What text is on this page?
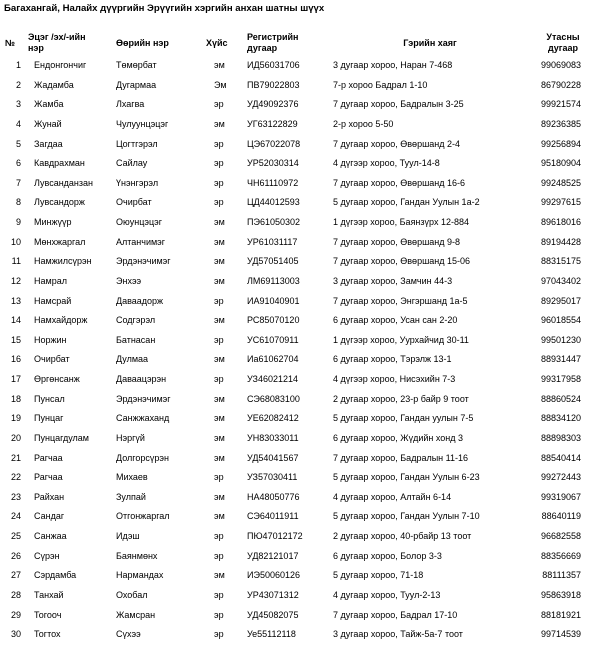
Багахангай, Налайх дүүргийн Эрүүгийн хэргийн анхан шатны шүүх
№
Эцэг /эх/-ийн
нэр	Өөрийн нэр	Хүйс
Регистрийн
дугаар	Гэрийн хаяг
Утасны
дугаар
1 Ендонгончиг	Төмөрбат	эм ИД56031706	3 дугаар хороо, Наран 7-468	99069083
2 Жадамба	Дугармаа	Эм ПВ79022803	7-р хороо Бадрал 1-10	86790228
3 Жамба	Лхагва	эр	УД49092376	7 дугаар хороо, Бадралын 3-25	99921574
4 Жунай	Чулуунцэцэг	эм УГ63122829	2-р хороо 5-50	89236385
5 Загдаа	Цогтгэрэл	эр	ЦЭ67022078	7 дугаар хороо, Өвөршанд 2-4	99256894
6 Кавдрахман	Сайлау	эр	УР52030314	4 дүгээр хороо, Туул-14-8	95180904
7 Лувсанданзан	Үнэнгэрэл	эр	ЧН61110972	7 дугаар хороо, Өвөршанд 16-6	99248525
8 Лувсандорж	Очирбат	эр	ЦД44012593	5 дугаар хороо, Гандан Уулын 1а-2	99297615
9 Минжүүр	Оюунцэцэг	эм ПЭ61050302	1 дүгээр хороо, Баянзүрх 12-884	89618016
10 Мөнхжаргал	Алтанчимэг	эм УР61031117	7 дугаар хороо, Өвөршанд 9-8	89194428
11 Намжилсүрэн	Эрдэнэчимэг	эм УД57051405	7 дугаар хороо, Өвөршанд 15-06	88315175
12 Намрал	Энхээ	эм ЛМ69113003	3 дугаар хороо, Замчин 44-3	97043402
13 Намсрай	Даваадорж	эр	ИА91040901	7 дугаар хороо, Энгэршанд 1а-5	89295017
14 Намхайдорж	Содгэрэл	эм РС85070120	6 дугаар хороо, Усан сан 2-20	96018554
15 Норжин	Батнасан	эр	УС61070911	1 дүгээр хороо, Уурхайчид 30-11	99501230
16 Очирбат	Дулмаа	эм Иа61062704	6 дугаар хороо, Тэрэлж 13-1	88931447
17 Өргөнсанж	Даваацэрэн	эр	УЗ46021214	4 дүгээр хороо, Нисэхийн 7-3	99317958
18 Пунсал	Эрдэнэчимэг	эм СЭ68083100	2 дугаар хороо, 23-р байр 9 тоот	88860524
19 Пунцаг	Санжжаханд	эм УЕ62082412	5 дугаар хороо, Гандан уулын 7-5	88834120
20 Пунцагдулам	Нэргүй	эм УН83033011	6 дугаар хороо, Жүдийн хонд 3	88898303
21 Рагчаа	Долгорсүрэн	эм УД54041567	7 дугаар хороо, Бадралын 11-16	88540414
22 Рагчаа	Михаев	эр	УЗ57030411	5 дугаар хороо, Гандан Уулын 6-23	99272443
23 Райхан	Зулпай	эм НА48050776	4 дугаар хороо, Алтайн 6-14	99319067
24 Сандаг	Отгонжаргал	эм СЭ64011911	5 дугаар хороо, Гандан Уулын 7-10	88640119
25 Санжаа	Идэш	эр	ПЮ47012172	2 дугаар хороо, 40-рбайр 13 тоот	96682558
26 Сүрэн	Баянмөнх	эр	УД82121017	6 дугаар хороо, Болор 3-3	88356669
27 Сэрдамба	Нармандах	эм ИЭ50060126	5 дугаар хороо, 71-18	88111357
28 Танхай	Охобал	эр	УР43071312	4 дугаар хороо, Туул-2-13	95863918
29 Тогооч	Жамсран	эр	УД45082075	7 дугаар хороо, Бадрал 17-10	88181921
30 Тогтох	Сүхээ	эр	Уе55112118	3 дугаар хороо, Тайж-5а-7 тоот	99714539
